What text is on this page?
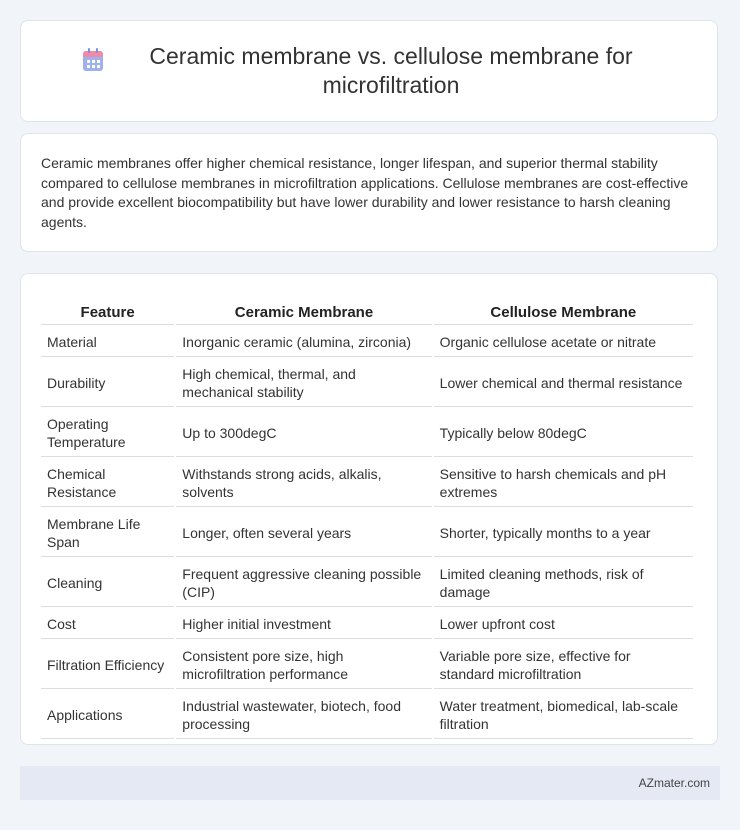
Ceramic membrane vs. cellulose membrane for microfiltration

Ceramic membranes offer higher chemical resistance, longer lifespan, and superior thermal stability compared to cellulose membranes in microfiltration applications. Cellulose membranes are cost-effective and provide excellent biocompatibility but have lower durability and lower resistance to harsh cleaning agents.

Feature	Ceramic Membrane	Cellulose Membrane
Material	Inorganic ceramic (alumina, zirconia)	Organic cellulose acetate or nitrate
Durability	High chemical, thermal, and mechanical stability	Lower chemical and thermal resistance
Operating Temperature	Up to 300degC	Typically below 80degC
Chemical Resistance	Withstands strong acids, alkalis, solvents	Sensitive to harsh chemicals and pH extremes
Membrane Life Span	Longer, often several years	Shorter, typically months to a year
Cleaning	Frequent aggressive cleaning possible (CIP)	Limited cleaning methods, risk of damage
Cost	Higher initial investment	Lower upfront cost
Filtration Efficiency	Consistent pore size, high microfiltration performance	Variable pore size, effective for standard microfiltration
Applications	Industrial wastewater, biotech, food processing	Water treatment, biomedical, lab-scale filtration
AZmater.com
